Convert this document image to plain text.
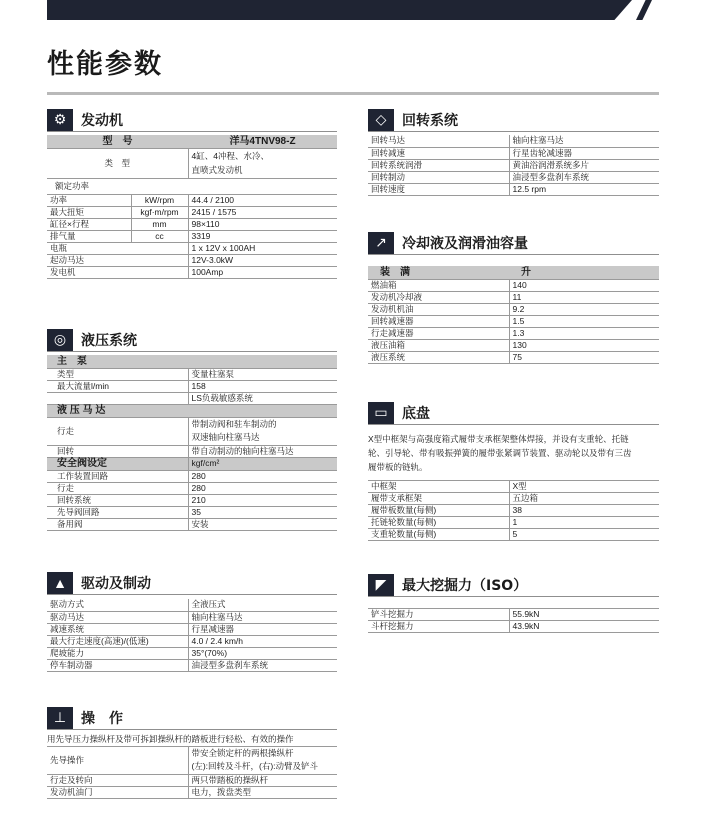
性能参数
⚙	发动机
型　号		洋马4TNV98-Z
类　型		4缸、4冲程、水冷、
直喷式发动机

额定功率		
功率	kW/rpm	44.4 / 2100
最大扭矩	kgf·m/rpm	2415 / 1575
缸径×行程	mm	98×110
排气量	cc	3319
电瓶		1 x 12V x 100AH
起动马达		12V-3.0kW
发电机		100Amp
◎	液压系统
主　泵	
类型	变量柱塞泵
最大流量l/min	158
	LS负载敏感系统
液 压 马 达	
行走	带制动阀和驻车制动的
双速轴向柱塞马达

回转	带自动制动的轴向柱塞马达
安全阀设定	kgf/cm²
工作装置回路	280
行走	280
回转系统	210
先导阀回路	35
备用阀	安装
▲	驱动及制动
驱动方式	全液压式
驱动马达	轴向柱塞马达
减速系统	行星减速器
最大行走速度(高速)/(低速)	4.0 / 2.4 km/h
爬坡能力	35°(70%)
停车制动器	油浸型多盘刹车系统
⊥	操　作
用先导压力操纵杆及带可拆卸操纵杆的踏板进行轻松、有效的操作	
先导操作	带安全锁定杆的两根操纵杆
(左):回转及斗杆，(右):动臂及铲斗

行走及转向	两只带踏板的操纵杆
发动机油门	电力，拨盘类型
◇	回转系统
回转马达	轴向柱塞马达
回转减速	行星齿轮减速器
回转系统润滑	黄油浴润滑系统多片
回转制动	油浸型多盘刹车系统
回转速度	12.5 rpm
↗	冷却液及润滑油容量
装　满	升
燃油箱	140
发动机冷却液	11
发动机机油	9.2
回转减速器	1.5
行走减速器	1.3
液压油箱	130
液压系统	75
▭	底盘
X型中框架与高强度箱式履带支承框架整体焊接，并设有支重轮、托链
轮、引导轮、带有吸振弹簧的履带张紧调节装置、驱动轮以及带有三齿
履带板的链轨。
中框架	X型
履带支承框架	五边箱
履带板数量(每侧)	38
托链轮数量(每侧)	1
支重轮数量(每侧)	5
◤	最大挖掘力（ISO）
铲斗挖掘力	55.9kN
斗杆挖掘力	43.9kN
